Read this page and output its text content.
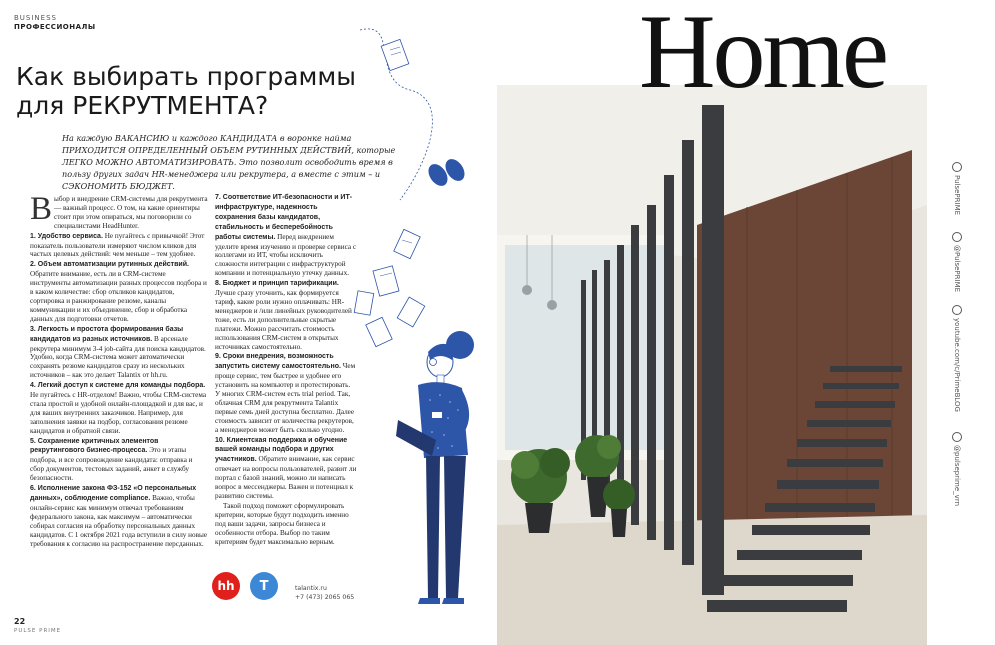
BUSINESS
ПРОФЕССИОНАЛЫ
Как выбирать программы для РЕКРУТМЕНТА?

На каждую ВАКАНСИЮ и каждого КАНДИДАТА в воронке найма ПРИХОДИТСЯ ОПРЕДЕЛЕННЫЙ ОБЪЕМ РУТИННЫХ ДЕЙСТВИЙ, которые ЛЕГКО МОЖНО АВТОМАТИЗИРОВАТЬ. Это позволит освободить время в пользу других задач HR-менеджера или рекрутера, а вместе с этим – и СЭКОНОМИТЬ БЮДЖЕТ.

Выбор и внедрение CRM-системы для рекрутмента — важный процесс. О том, на какие ориентиры стоит при этом опираться, мы поговорили со специалистами HeadHunter.

1. Удобство сервиса. Не пугайтесь с привычкой! Этот показатель пользователи измеряют числом кликов для частых целевых действий: чем меньше – тем удобнее.

2. Объем автоматизации рутинных действий. Обратите внимание, есть ли в CRM-системе инструменты автоматизации разных процессов подбора и в каком количестве: сбор откликов кандидатов, сортировка и ранжирование резюме, каналы коммуникации и их объединение, сбор и обработка данных для подготовки отчетов.

3. Легкость и простота формирования базы кандидатов из разных источников. В арсенале рекрутера минимум 3-4 job-сайта для поиска кандидатов. Удобно, когда CRM-система может автоматически сохранять резюме кандидатов сразу из нескольких источников – как это делает Talantix от hh.ru.

4. Легкий доступ к системе для команды подбора. Не пугайтесь с HR-отделом! Важно, чтобы CRM-система стала простой и удобной онлайн-площадкой и для вас, и для ваших внутренних заказчиков. Например, для заполнения заявки на подбор, согласования резюме кандидатов и обратной связи.

5. Сохранение критичных элементов рекрутингового бизнес-процесса. Это и этапы подбора, и все сопровождение кандидата: отправка и сбор документов, тестовых заданий, анкет в службу безопасности.

6. Исполнение закона ФЗ-152 «О персональных данных», соблюдение compliance. Важно, чтобы онлайн-сервис как минимум отвечал требованиям федерального закона, как максимум – автоматически собирал согласия на обработку персональных данных кандидатов. С 1 октября 2021 года вступили в силу новые требования к согласию на распространение персданных.

7. Соответствие ИТ-безопасности и ИТ-инфраструктуре, надежность сохранения базы кандидатов, стабильность и бесперебойность работы системы. Перед внедрением уделите время изучению и проверке сервиса с коллегами из ИТ, чтобы исключить сложности интеграции с инфраструктурой компании и потенциальную утечку данных.

8. Бюджет и принцип тарификации. Лучше сразу уточнить, как формируется тариф, какие роли нужно оплачивать: HR-менеджеров и /или линейных руководителей тоже, есть ли дополнительные скрытые платежи. Можно рассчитать стоимость использования CRM-систем в открытых источниках самостоятельно.

9. Сроки внедрения, возможность запустить систему самостоятельно. Чем проще сервис, тем быстрее и удобнее его установить на компьютер и протестировать. У многих CRM-систем есть trial period. Так, облачная CRM для рекрутмента Talantix первые семь дней доступна бесплатно. Далее стоимость зависит от количества рекрутеров, а менеджеров может быть сколько угодно.

10. Клиентская поддержка и обучение вашей команды подбора и других участников. Обратите внимание, как сервис отвечает на вопросы пользователей, развит ли портал с базой знаний, можно ли написать вопрос в мессенджеры. Важен и потенциал к развитию системы.

Такой подход поможет сформулировать критерии, которые будут подходить именно под ваши задачи, запросы бизнеса и особенности отбора. Выбор по таким критериям будет максимально верным.

hh	T	talantix.ru
+7 (473) 2065 065
22
PULSE PRIME
Home
PulsePRIME
@PulsePRIME
youtube.com/c/PrimeBLOG
@pulseprime_vrn
